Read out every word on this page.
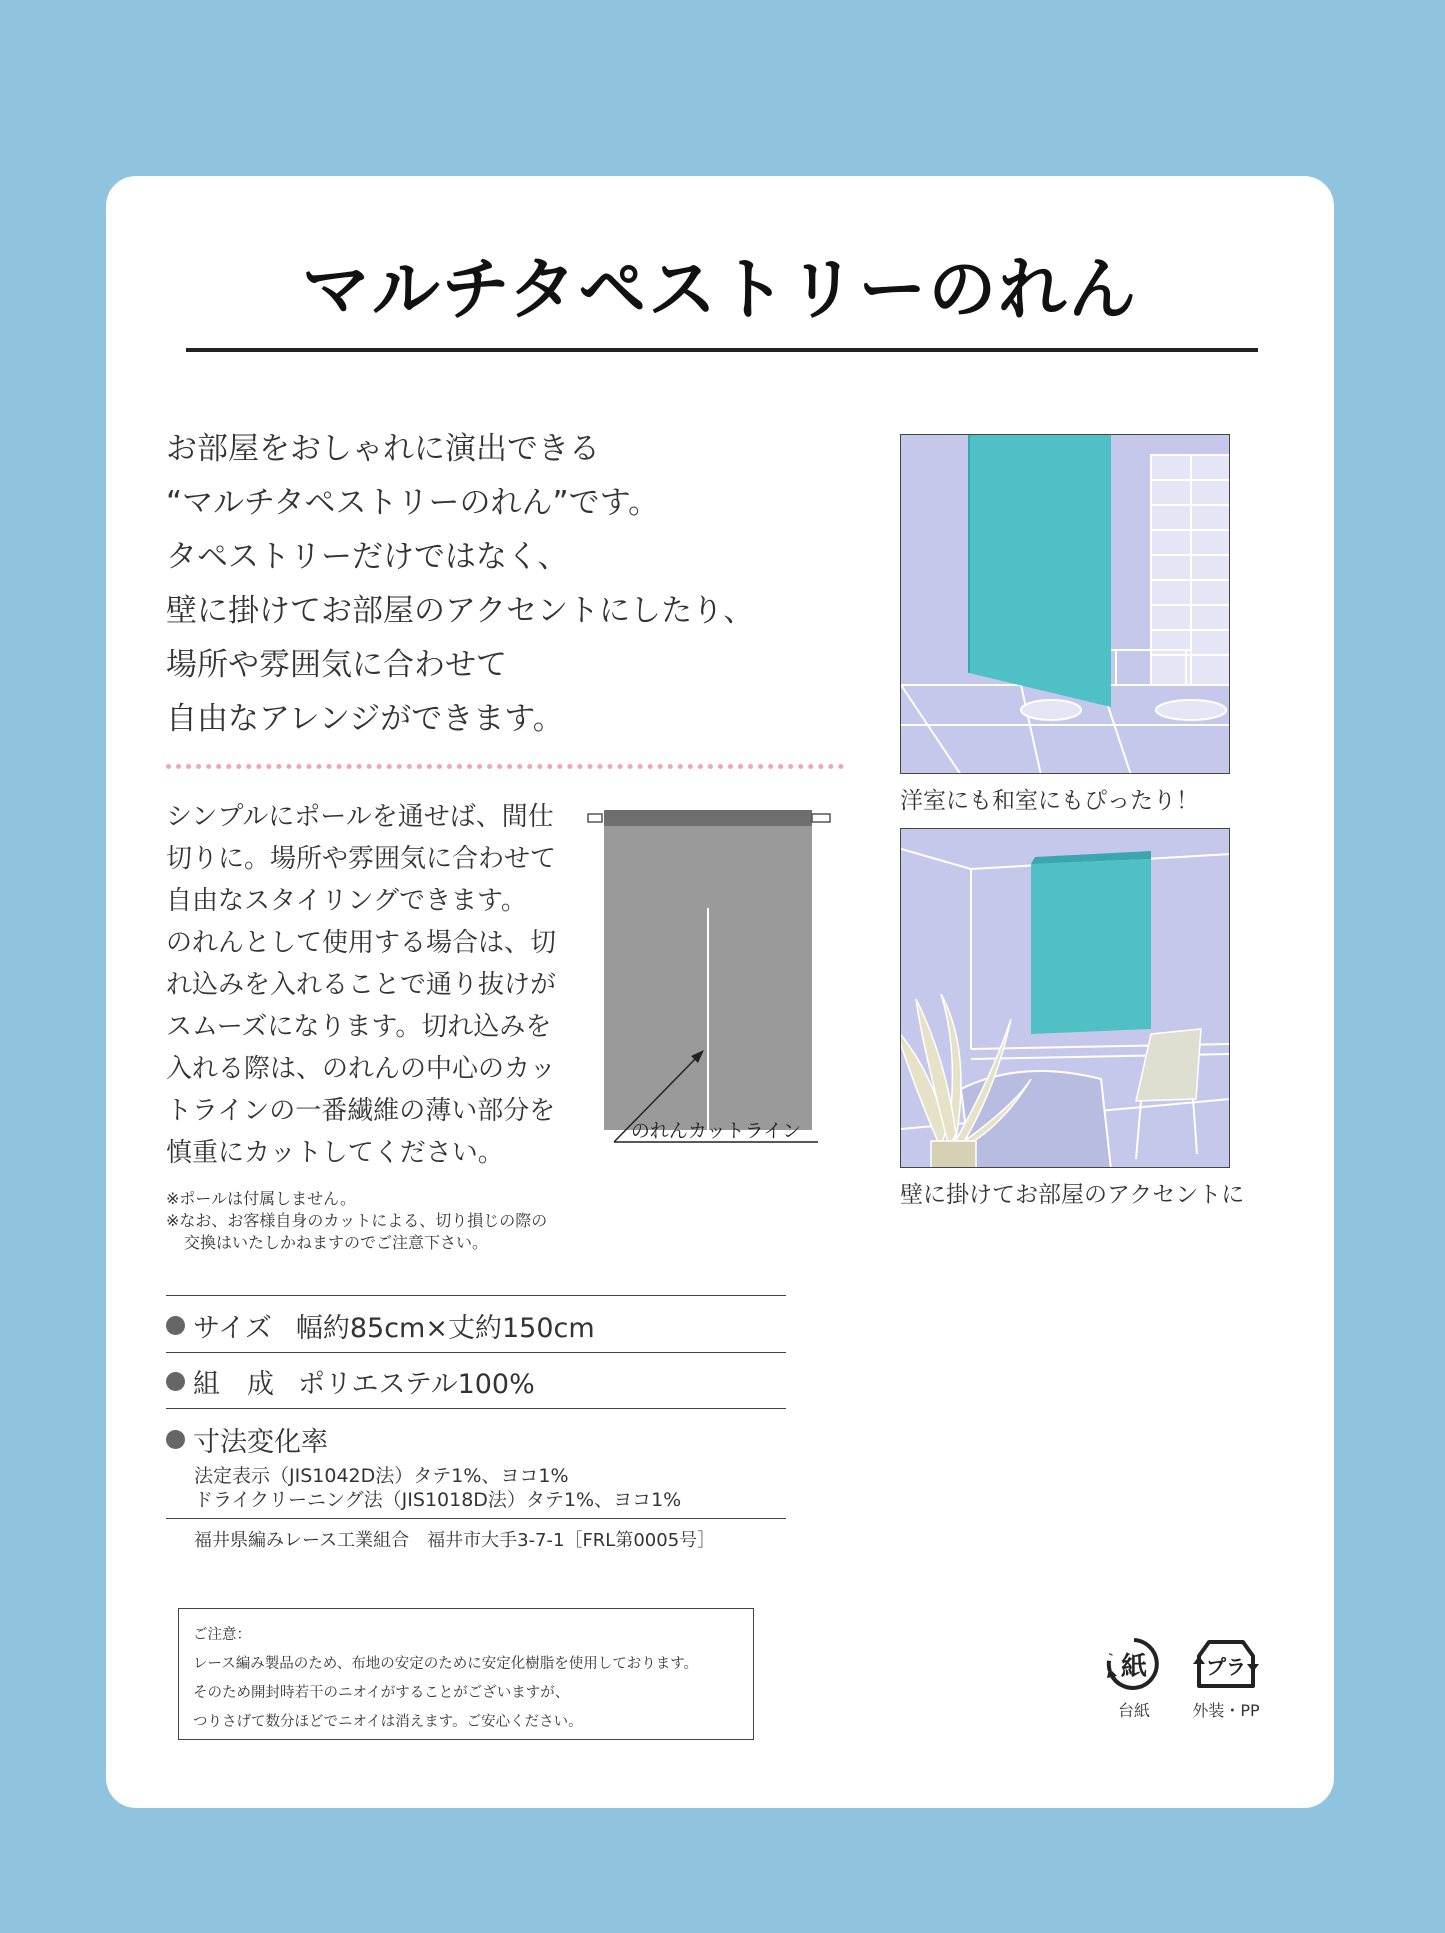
マルチタペストリーのれん

お部屋をおしゃれに演出できる

“マルチタペストリーのれん”です。

タペストリーだけではなく、

壁に掛けてお部屋のアクセントにしたり、

場所や雰囲気に合わせて

自由なアレンジができます。

シンプルにポールを通せば、間仕

切りに。場所や雰囲気に合わせて

自由なスタイリングできます。

のれんとして使用する場合は、切

れ込みを入れることで通り抜けが

スムーズになります。切れ込みを

入れる際は、のれんの中心のカッ

トラインの一番繊維の薄い部分を

慎重にカットしてください。

のれんカットライン

※ポールは付属しません。

※なお、お客様自身のカットによる、切り損じの際の

交換はいたしかねますのでご注意下さい。

サイズ 幅約85cm×丈約150cm
組　成 ポリエステル100%
寸法変化率

法定表示（JIS1042D法）タテ1%、ヨコ1%

ドライクリーニング法（JIS1018D法）タテ1%、ヨコ1%

福井県編みレース工業組合　福井市大手3-7-1［FRL第0005号］

ご注意：

レース編み製品のため、布地の安定のために安定化樹脂を使用しております。

そのため開封時若干のニオイがすることがございますが、

つりさげて数分ほどでニオイは消えます。ご安心ください。

洋室にも和室にもぴったり！
壁に掛けてお部屋のアクセントに
紙
台紙
プラ
外装・PP
